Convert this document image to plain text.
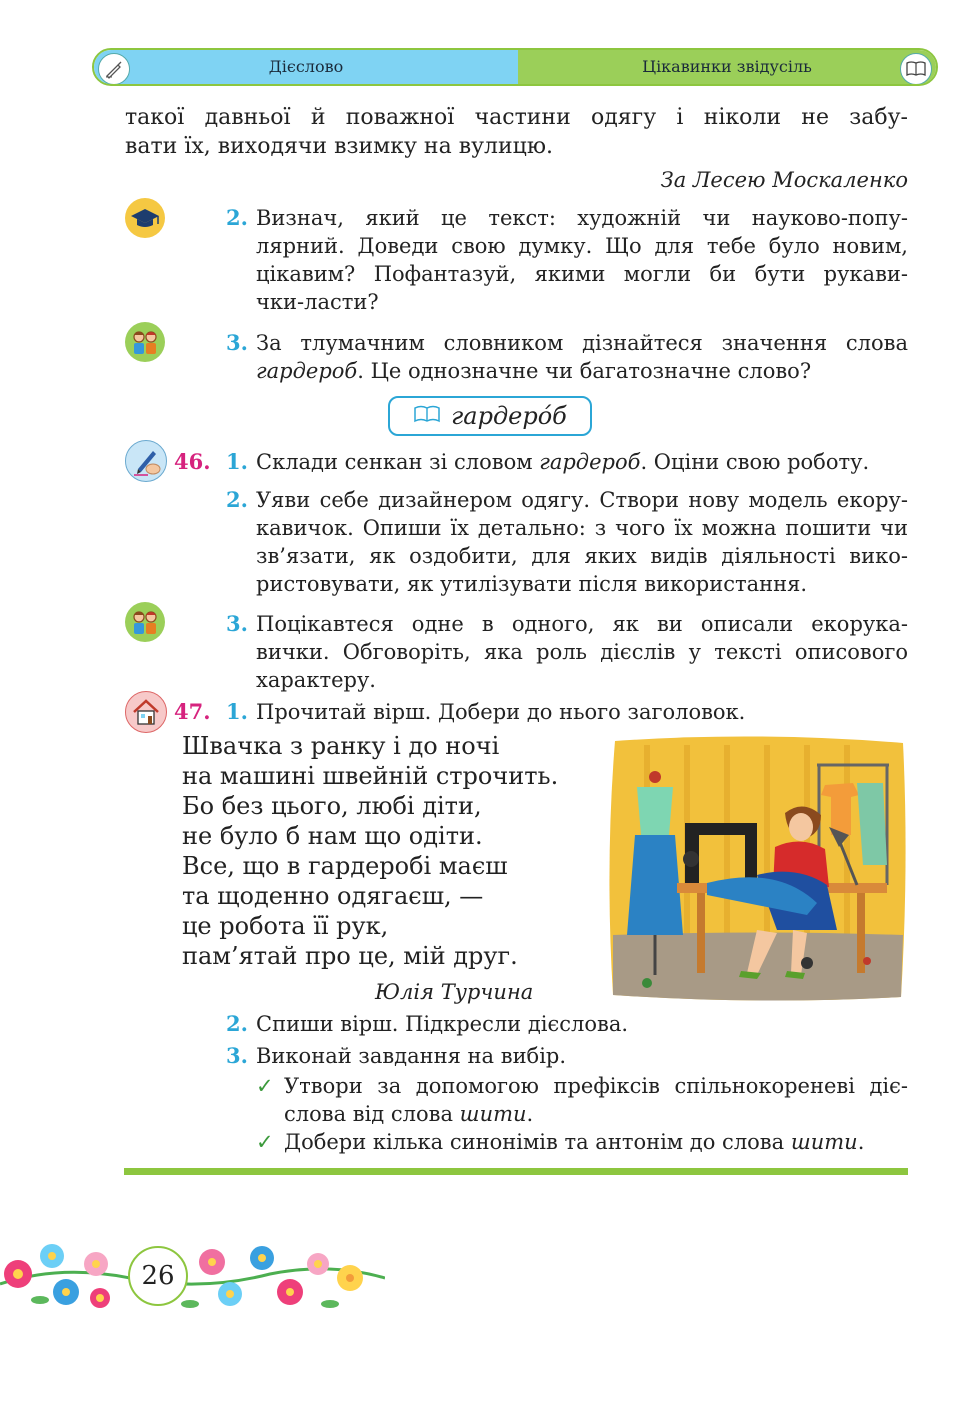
Дієслово	Цікавинки звідусіль
такої давньої й поважної частини одягу і ніколи не забу-
вати їх, виходячи взимку на вулицю.
За Лесею Москаленко
2. Визнач, який це текст: художній чи науково-попу-
лярний. Доведи свою думку. Що для тебе було новим,
цікавим? Пофантазуй, якими могли би бути рукави-
чки-ласти?
3. За тлумачним словником дізнайтеся значення слова
гардероб. Це однозначне чи багатозначне слово?
гардерóб
46. 1. Склади сенкан зі словом гардероб. Оціни свою роботу.
2. Уяви себе дизайнером одягу. Створи нову модель екору-
кавичок. Опиши їх детально: з чого їх можна пошити чи
зв’язати, як оздобити, для яких видів діяльності вико-
ристовувати, як утилізувати після використання.
3. Поцікавтеся одне в одного, як ви описали екорука-
вички. Обговоріть, яка роль дієслів у тексті описового
характеру.
47. 1. Прочитай вірш. Добери до нього заголовок.
Швачка з ранку і до ночі
на машині швейній строчить.
Бо без цього, любі діти,
не було б нам що одіти.
Все, що в гардеробі маєш
та щоденно одягаєш, —
це робота її рук,
пам’ятай про це, мій друг.
Юлія Турчина
2. Спиши вірш. Підкресли дієслова.
3. Виконай завдання на вибір.
✓ Утвори за допомогою префіксів спільнокореневі діє-
слова від слова шити.
✓ Добери кілька синонімів та антонім до слова шити.
26
